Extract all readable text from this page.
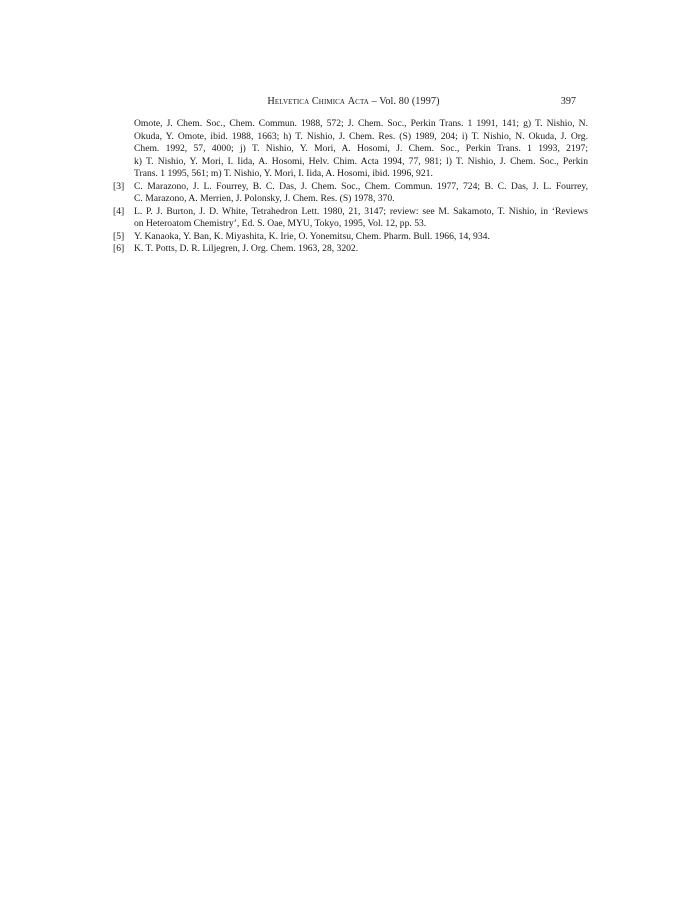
Helvetica Chimica Acta – Vol. 80 (1997)	397
Omote, J. Chem. Soc., Chem. Commun. 1988, 572; J. Chem. Soc., Perkin Trans. 1 1991, 141; g) T. Nishio, N.
Okuda, Y. Omote, ibid. 1988, 1663; h) T. Nishio, J. Chem. Res. (S) 1989, 204; i) T. Nishio, N. Okuda, J. Org.
Chem. 1992, 57, 4000; j) T. Nishio, Y. Mori, A. Hosomi, J. Chem. Soc., Perkin Trans. 1 1993, 2197;
k) T. Nishio, Y. Mori, I. Iida, A. Hosomi, Helv. Chim. Acta 1994, 77, 981; l) T. Nishio, J. Chem. Soc., Perkin
Trans. 1 1995, 561; m) T. Nishio, Y. Mori, I. Iida, A. Hosomi, ibid. 1996, 921.
[3]	C. Marazono, J. L. Fourrey, B. C. Das, J. Chem. Soc., Chem. Commun. 1977, 724; B. C. Das, J. L. Fourrey,
C. Marazono, A. Merrien, J. Polonsky, J. Chem. Res. (S) 1978, 370.
[4]	L. P. J. Burton, J. D. White, Tetrahedron Lett. 1980, 21, 3147; review: see M. Sakamoto, T. Nishio, in ‘Reviews
on Heteroatom Chemistry’, Ed. S. Oae, MYU, Tokyo, 1995, Vol. 12, pp. 53.
[5]	Y. Kanaoka, Y. Ban, K. Miyashita, K. Irie, O. Yonemitsu, Chem. Pharm. Bull. 1966, 14, 934.
[6]	K. T. Potts, D. R. Liljegren, J. Org. Chem. 1963, 28, 3202.
